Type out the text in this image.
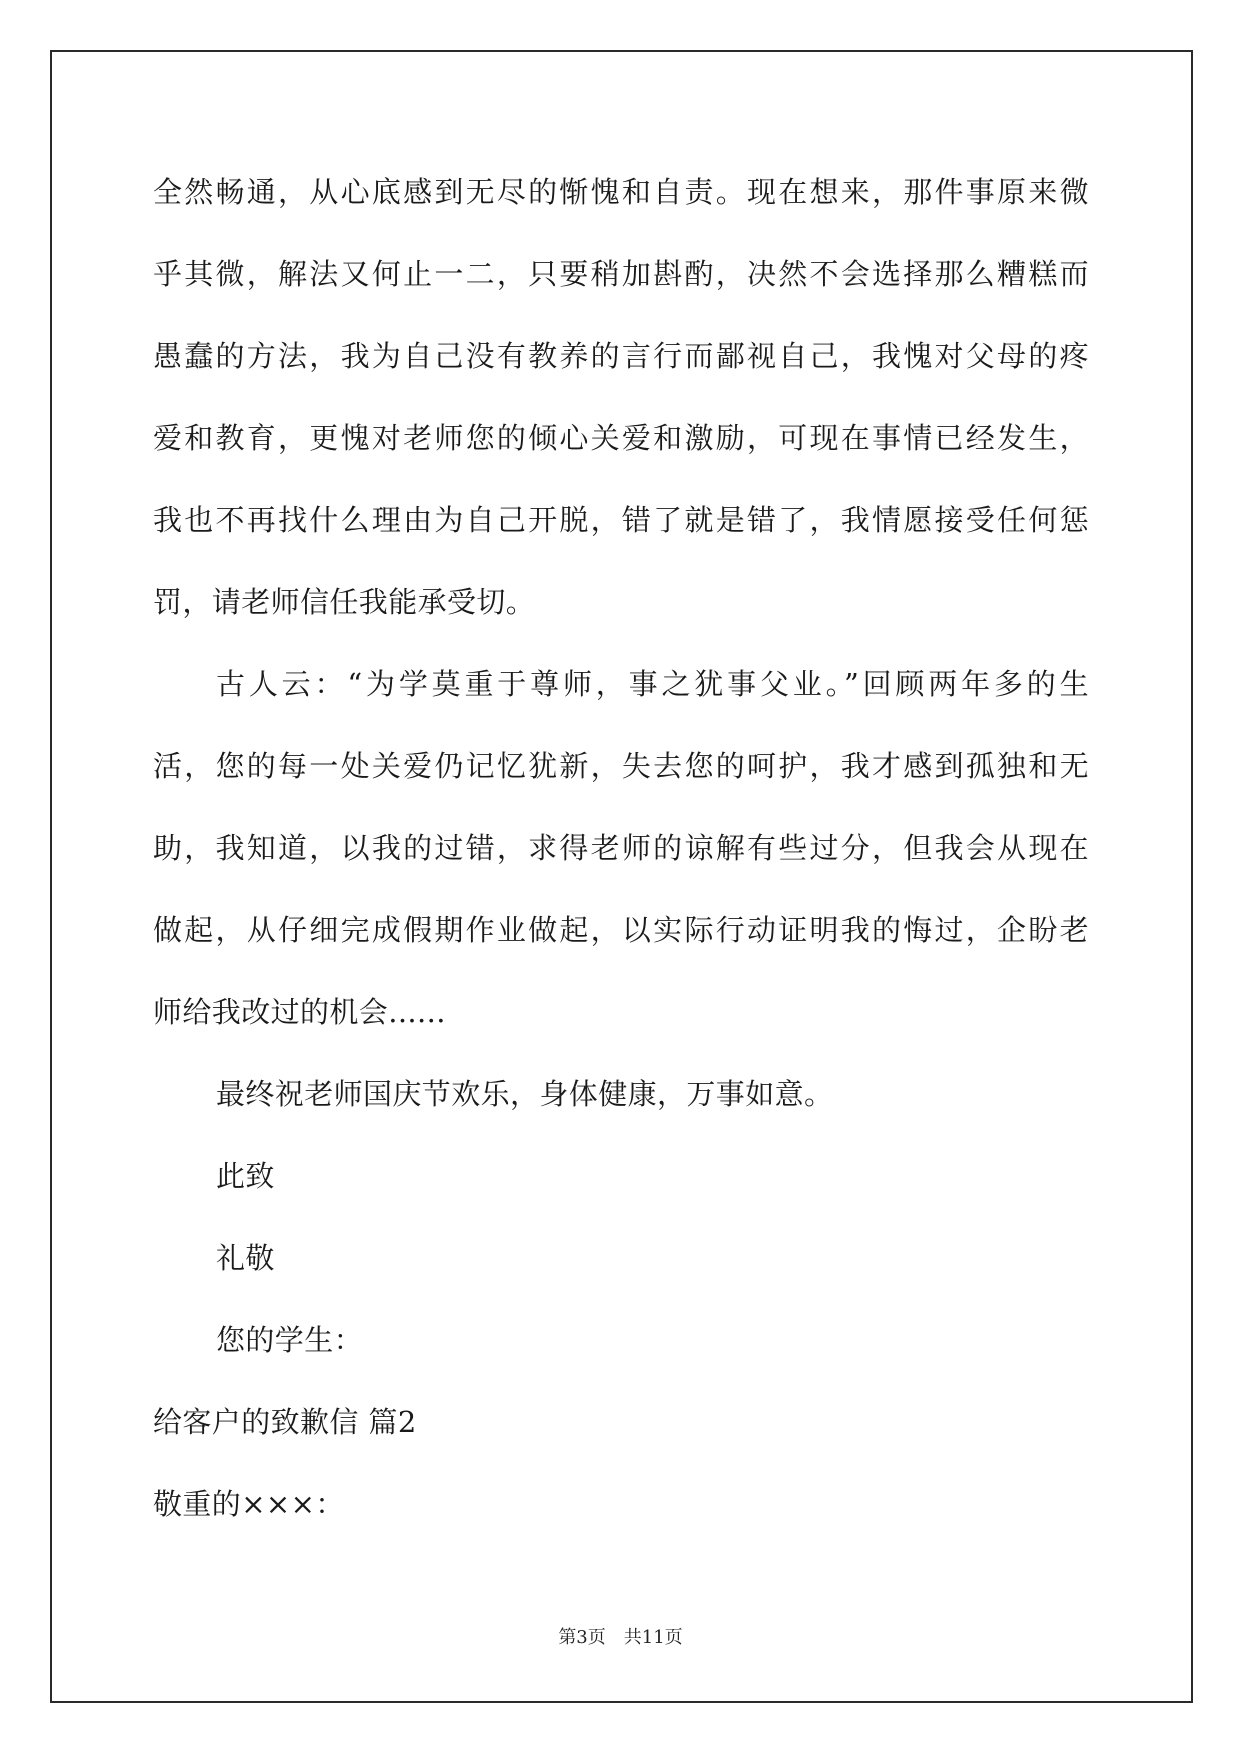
全然畅通，从心底感到无尽的惭愧和自责。现在想来，那件事原来微
乎其微，解法又何止一二，只要稍加斟酌，决然不会选择那么糟糕而
愚蠢的方法，我为自己没有教养的言行而鄙视自己，我愧对父母的疼
爱和教育，更愧对老师您的倾心关爱和激励，可现在事情已经发生，
我也不再找什么理由为自己开脱，错了就是错了，我情愿接受任何惩
罚，请老师信任我能承受切。
古人云：“为学莫重于尊师，事之犹事父业。”回顾两年多的生
活，您的每一处关爱仍记忆犹新，失去您的呵护，我才感到孤独和无
助，我知道，以我的过错，求得老师的谅解有些过分，但我会从现在
做起，从仔细完成假期作业做起，以实际行动证明我的悔过，企盼老
师给我改过的机会......
最终祝老师国庆节欢乐，身体健康，万事如意。
此致
礼敬
您的学生：
给客户的致歉信 篇2
敬重的×××：
第3页 共11页
